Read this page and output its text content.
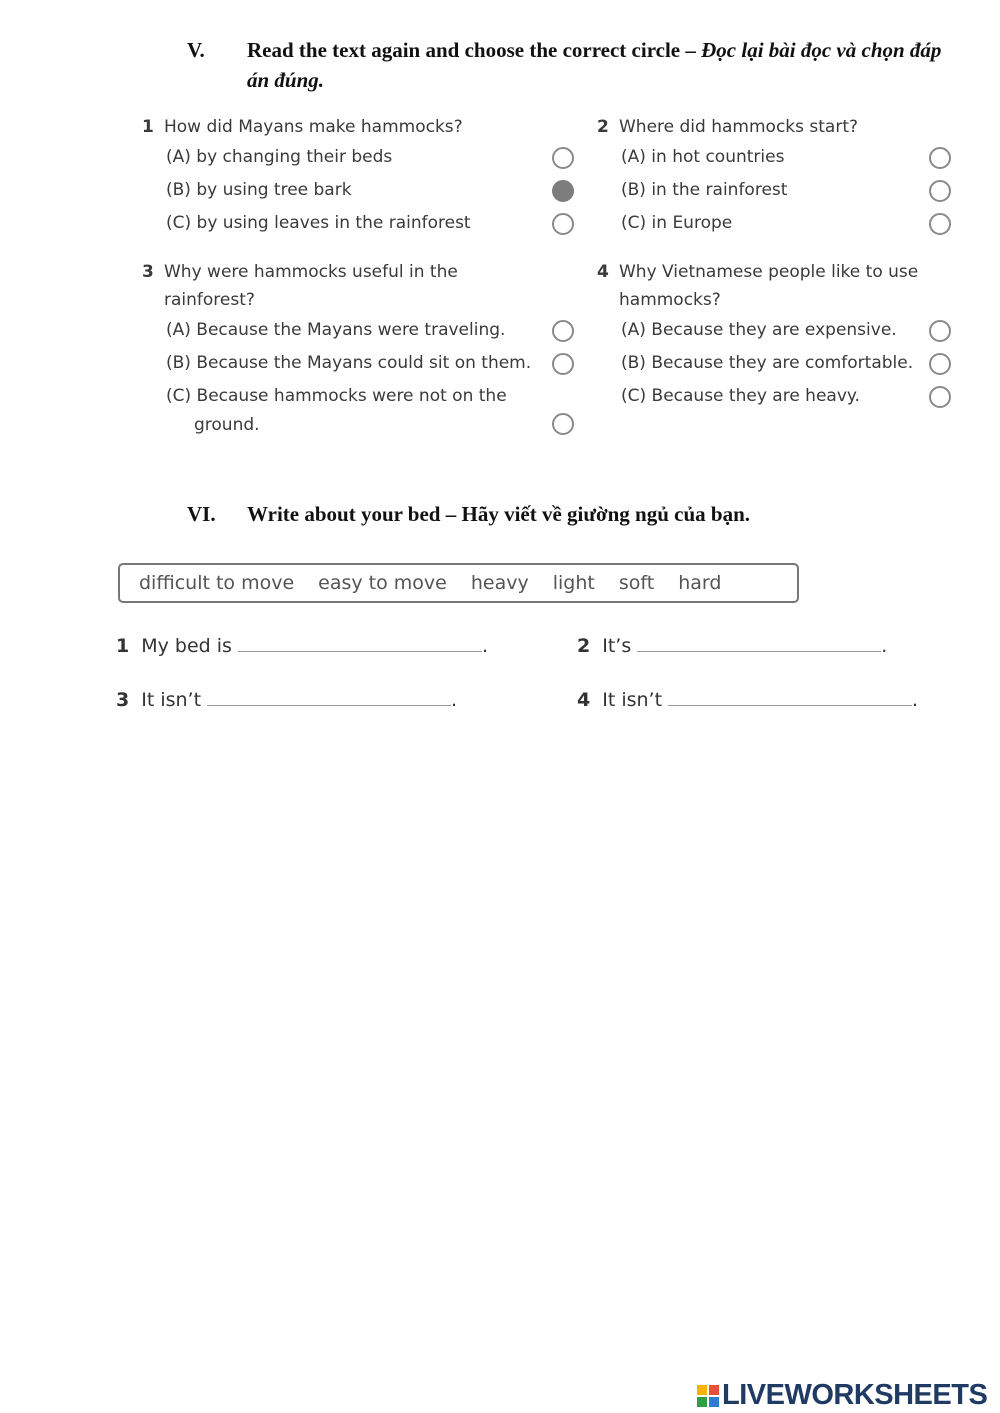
V. Read the text again and choose the correct circle – Đọc lại bài đọc và chọn đáp án đúng.
1 How did Mayans make hammocks?
(A) by changing their beds
(B) by using tree bark
(C) by using leaves in the rainforest
2 Where did hammocks start?
(A) in hot countries
(B) in the rainforest
(C) in Europe
3 Why were hammocks useful in the rainforest?
(A) Because the Mayans were traveling.
(B) Because the Mayans could sit on them.
(C) Because hammocks were not on the ground.
4 Why Vietnamese people like to use hammocks?
(A) Because they are expensive.
(B) Because they are comfortable.
(C) Because they are heavy.
VI. Write about your bed – Hãy viết về giường ngủ của bạn.
difficult to move easy to move heavy light soft hard
1 My bed is	.	2 It’s	.
3 It isn’t	.	4 It isn’t	.
LIVEWORKSHEETS
